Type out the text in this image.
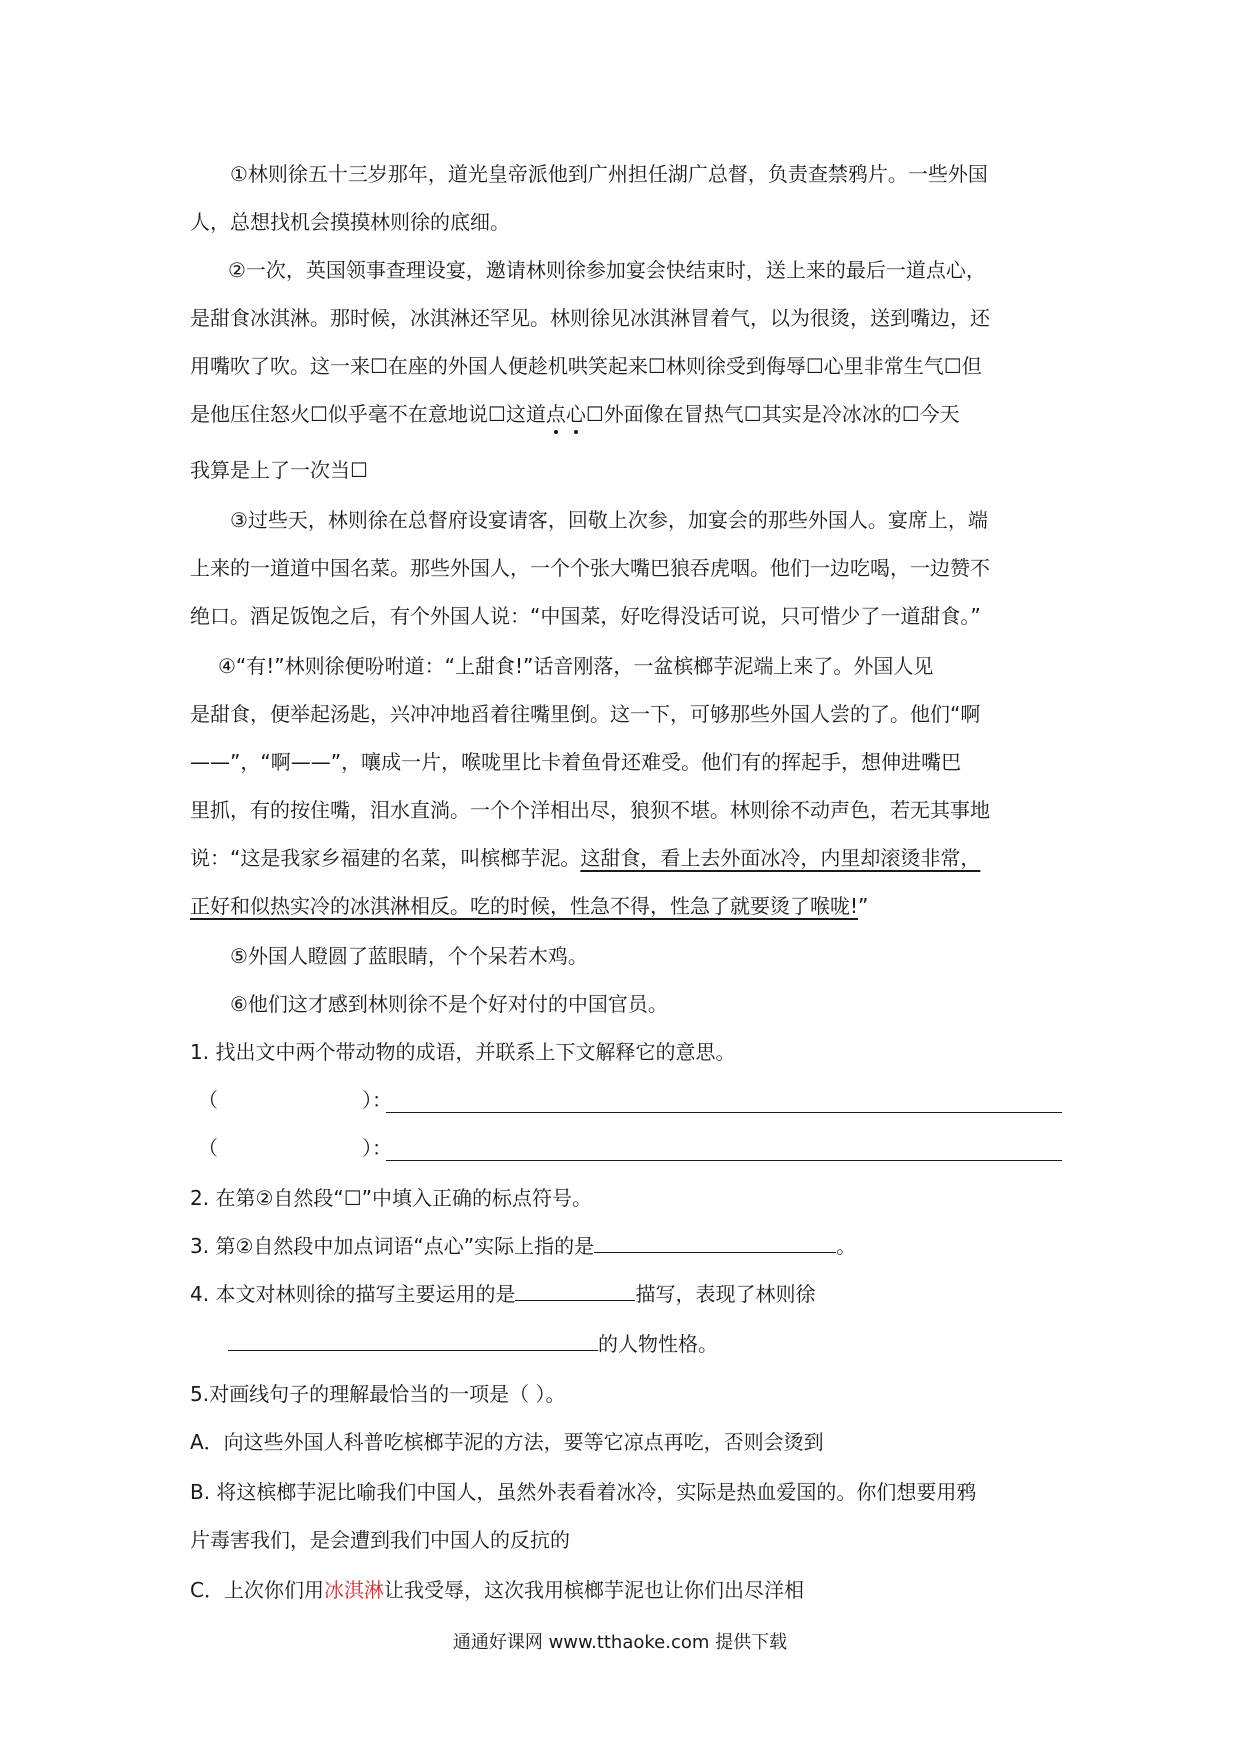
①林则徐五十三岁那年，道光皇帝派他到广州担任湖广总督，负责查禁鸦片。一些外国
人，总想找机会摸摸林则徐的底细。
②一次，英国领事查理设宴，邀请林则徐参加宴会快结束时，送上来的最后一道点心，
是甜食冰淇淋。那时候，冰淇淋还罕见。林则徐见冰淇淋冒着气，以为很烫，送到嘴边，还
用嘴吹了吹。这一来☐在座的外国人便趁机哄笑起来☐林则徐受到侮辱☐心里非常生气☐但
是他压住怒火☐似乎毫不在意地说☐这道点心☐外面像在冒热气☐其实是冷冰冰的☐今天
我算是上了一次当☐
③过些天，林则徐在总督府设宴请客，回敬上次参，加宴会的那些外国人。宴席上，端
上来的一道道中国名菜。那些外国人，一个个张大嘴巴狼吞虎咽。他们一边吃喝，一边赞不
绝口。酒足饭饱之后，有个外国人说：“中国菜，好吃得没话可说，只可惜少了一道甜食。”
④“有!”林则徐便吩咐道：“上甜食!”话音刚落，一盆槟榔芋泥端上来了。外国人见
是甜食，便举起汤匙，兴冲冲地舀着往嘴里倒。这一下，可够那些外国人尝的了。他们“啊
——”，“啊——”，嚷成一片，喉咙里比卡着鱼骨还难受。他们有的挥起手，想伸进嘴巴
里抓，有的按住嘴，泪水直淌。一个个洋相出尽，狼狈不堪。林则徐不动声色，若无其事地
说：“这是我家乡福建的名菜，叫槟榔芋泥。这甜食，看上去外面冰冷，内里却滚烫非常，
正好和似热实冷的冰淇淋相反。吃的时候，性急不得，性急了就要烫了喉咙!”
⑤外国人瞪圆了蓝眼睛，个个呆若木鸡。
⑥他们这才感到林则徐不是个好对付的中国官员。
1. 找出文中两个带动物的成语，并联系上下文解释它的意思。
（	）：
（	）：
2. 在第②自然段“☐”中填入正确的标点符号。
3. 第②自然段中加点词语“点心”实际上指的是	。
4. 本文对林则徐的描写主要运用的是	描写，表现了林则徐
的人物性格。
5.对画线句子的理解最恰当的一项是（ ）。
A．向这些外国人科普吃槟榔芋泥的方法，要等它凉点再吃，否则会烫到
B. 将这槟榔芋泥比喻我们中国人，虽然外表看着冰冷，实际是热血爱国的。你们想要用鸦
片毒害我们，是会遭到我们中国人的反抗的
C．上次你们用冰淇淋让我受辱，这次我用槟榔芋泥也让你们出尽洋相
通通好课网 www.tthaoke.com 提供下载
